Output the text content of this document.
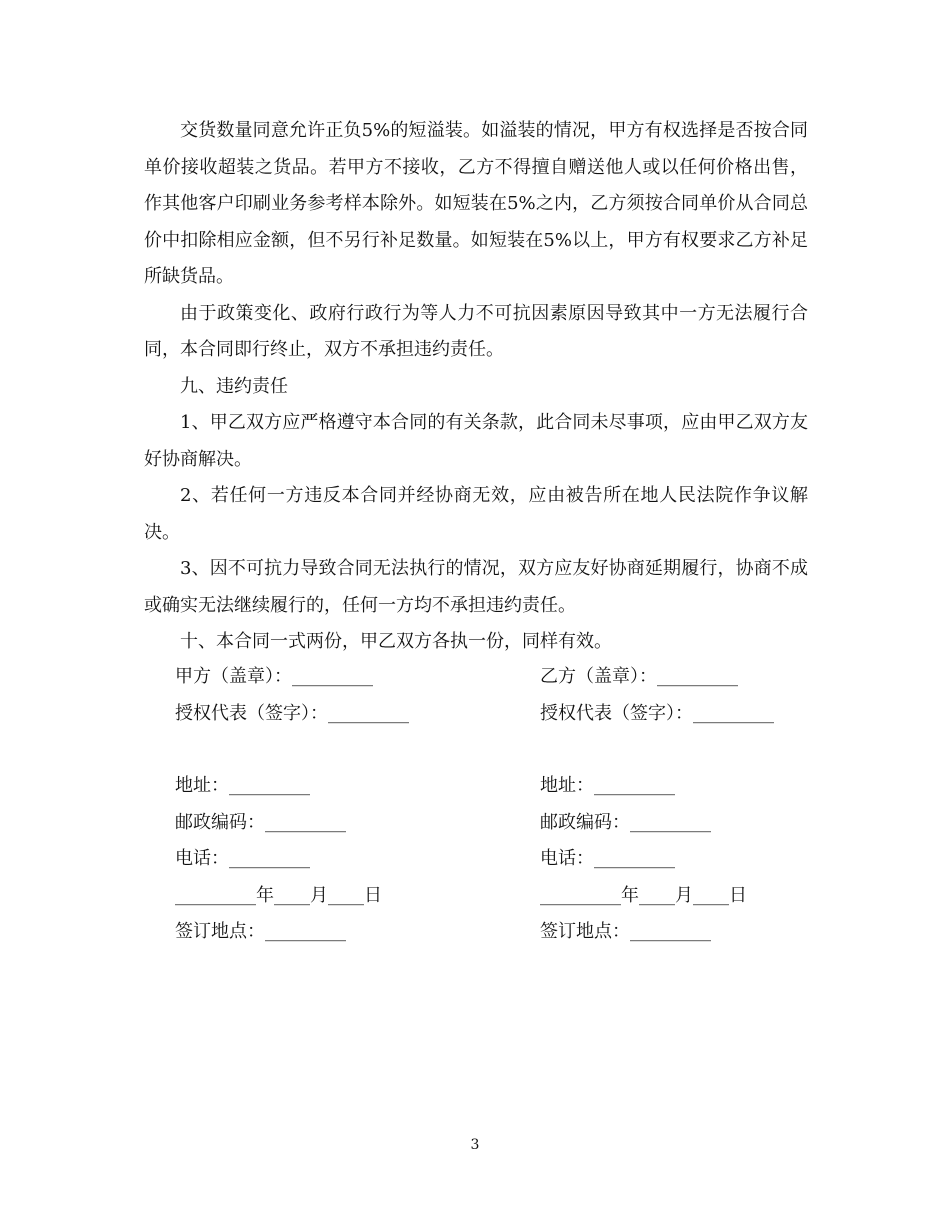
交货数量同意允许正负5%的短溢装。如溢装的情况，甲方有权选择是否按合同单价接收超装之货品。若甲方不接收，乙方不得擅自赠送他人或以任何价格出售，作其他客户印刷业务参考样本除外。如短装在5%之内，乙方须按合同单价从合同总价中扣除相应金额，但不另行补足数量。如短装在5%以上，甲方有权要求乙方补足所缺货品。

由于政策变化、政府行政行为等人力不可抗因素原因导致其中一方无法履行合同，本合同即行终止，双方不承担违约责任。

九、违约责任

1、甲乙双方应严格遵守本合同的有关条款，此合同未尽事项，应由甲乙双方友好协商解决。

2、若任何一方违反本合同并经协商无效，应由被告所在地人民法院作争议解决。

3、因不可抗力导致合同无法执行的情况，双方应友好协商延期履行，协商不成或确实无法继续履行的，任何一方均不承担违约责任。

十、本合同一式两份，甲乙双方各执一份，同样有效。

甲方（盖章）：_________	乙方（盖章）：_________
授权代表（签字）：_________	授权代表（签字）：_________
地址：_________	地址：_________
邮政编码：_________	邮政编码：_________
电话：_________	电话：_________
_________年____月____日	_________年____月____日
签订地点：_________	签订地点：_________
3
